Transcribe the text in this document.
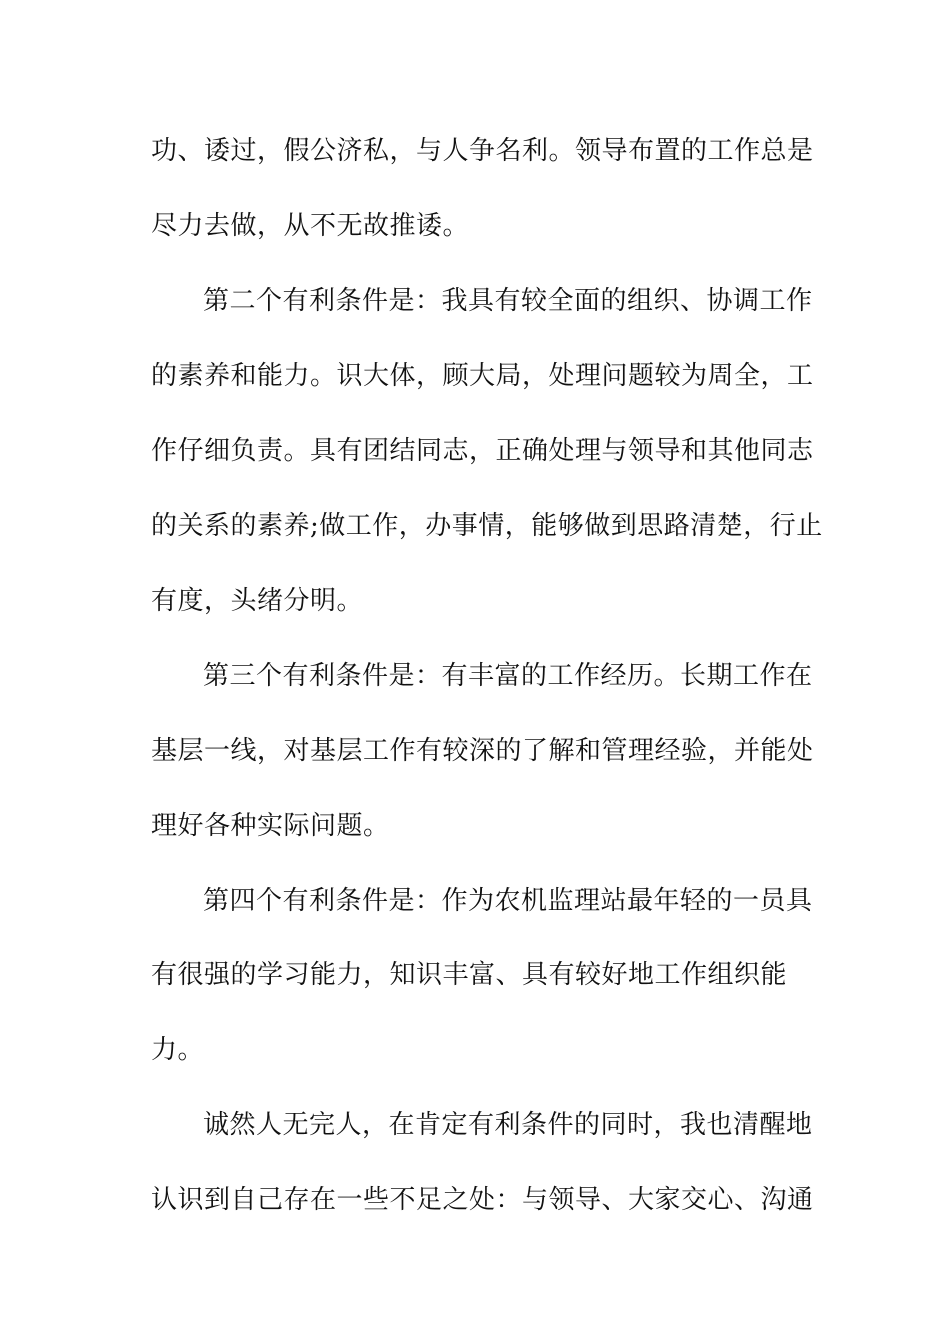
功、诿过，假公济私，与人争名利。领导布置的工作总是
尽力去做，从不无故推诿。
第二个有利条件是：我具有较全面的组织、协调工作
的素养和能力。识大体，顾大局，处理问题较为周全，工
作仔细负责。具有团结同志，正确处理与领导和其他同志
的关系的素养;做工作，办事情，能够做到思路清楚，行止
有度，头绪分明。
第三个有利条件是：有丰富的工作经历。长期工作在
基层一线，对基层工作有较深的了解和管理经验，并能处
理好各种实际问题。
第四个有利条件是：作为农机监理站最年轻的一员具
有很强的学习能力，知识丰富、具有较好地工作组织能
力。
诚然人无完人，在肯定有利条件的同时，我也清醒地
认识到自己存在一些不足之处：与领导、大家交心、沟通
